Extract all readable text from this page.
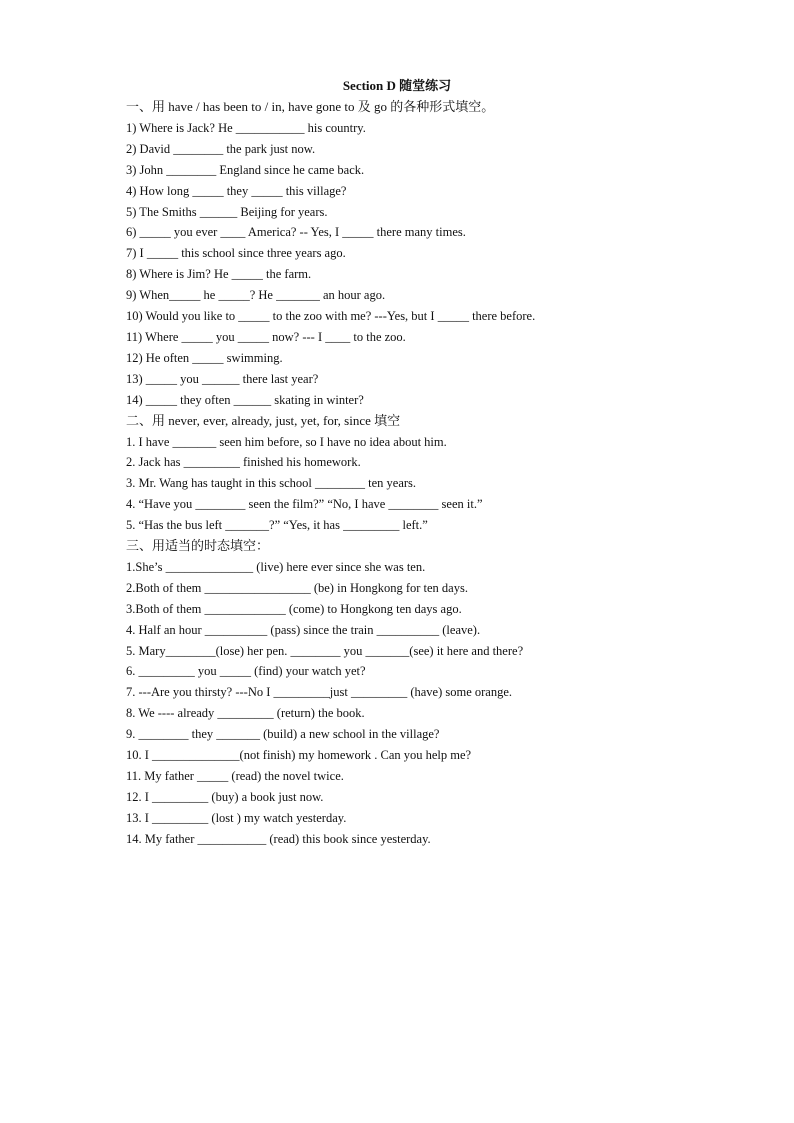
Section D 随堂练习
一、用 have / has been to / in, have gone to 及 go 的各种形式填空。
1) Where is Jack? He ___________ his country.
2) David ________ the park just now.
3) John ________ England since he came back.
4) How long _____ they _____ this village?
5) The Smiths ______ Beijing for years.
6) _____ you ever ____ America? -- Yes, I _____ there many times.
7) I _____ this school since three years ago.
8) Where is Jim? He _____ the farm.
9) When_____ he _____? He _______ an hour ago.
10) Would you like to _____ to the zoo with me? ---Yes, but I _____ there before.
11) Where _____ you _____ now? --- I ____ to the zoo.
12) He often _____ swimming.
13) _____ you ______ there last year?
14) _____ they often ______ skating in winter?
二、用 never, ever, already, just, yet, for, since 填空
1. I have _______ seen him before, so I have no idea about him.
2. Jack has _________ finished his homework.
3. Mr. Wang has taught in this school ________ ten years.
4. “Have you ________ seen the film?” “No, I have ________ seen it.”
5. “Has the bus left _______?” “Yes, it has _________ left.”
三、用适当的时态填空：
1.She’s ______________ (live) here ever since she was ten.
2.Both of them _________________ (be) in Hongkong for ten days.
3.Both of them _____________ (come) to Hongkong ten days ago.
4. Half an hour __________ (pass) since the train __________ (leave).
5. Mary________(lose) her pen. ________ you _______(see) it here and there?
6. _________ you _____ (find) your watch yet?
7. ---Are you thirsty? ---No I _________just _________ (have) some orange.
8. We ---- already _________ (return) the book.
9. ________ they _______ (build) a new school in the village?
10. I ______________(not finish) my homework . Can you help me?
11. My father _____ (read) the novel twice.
12. I _________ (buy) a book just now.
13. I _________ (lost ) my watch yesterday.
14. My father ___________ (read) this book since yesterday.
